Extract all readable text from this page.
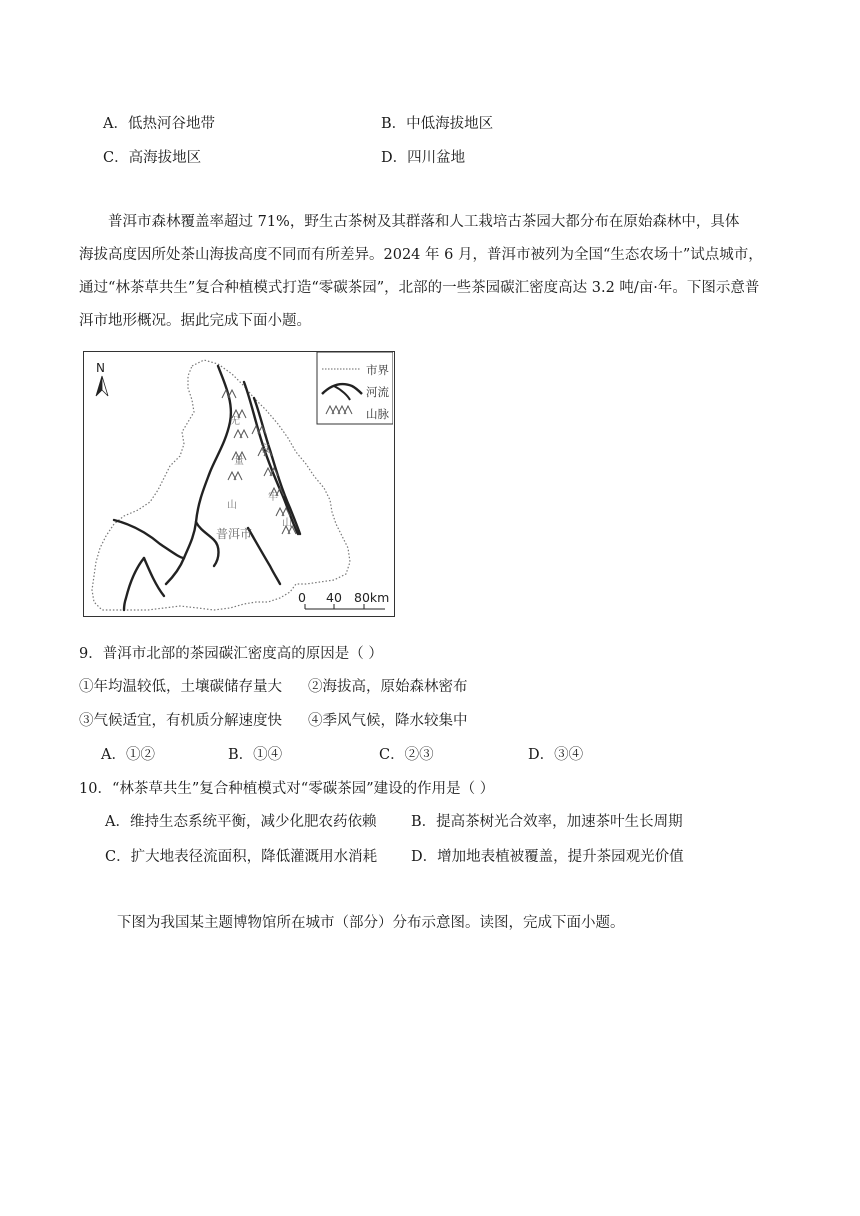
A．低热河谷地带	B．中低海拔地区
C．高海拔地区	D．四川盆地
普洱市森林覆盖率超过 71%，野生古茶树及其群落和人工栽培古茶园大都分布在原始森林中，具体
海拔高度因所处茶山海拔高度不同而有所差异。2024 年 6 月，普洱市被列为全国“生态农场十”试点城市，
通过“林茶草共生”复合种植模式打造“零碳茶园”，北部的一些茶园碳汇密度高达 3.2 吨/亩·年。下图示意普
洱市地形概况。据此完成下面小题。
无
量
山
哀
牢
山
普洱市
N	市界
河流
山脉
0 40 80km
9．普洱市北部的茶园碳汇密度高的原因是（ ）
①年均温较低，土壤碳储存量大 ②海拔高，原始森林密布
③气候适宜，有机质分解速度快 ④季风气候，降水较集中
A．①②	B．①④	C．②③	D．③④
10．“林茶草共生”复合种植模式对“零碳茶园”建设的作用是（ ）
A．维持生态系统平衡，减少化肥农药依赖 B．提高茶树光合效率，加速茶叶生长周期
C．扩大地表径流面积，降低灌溉用水消耗 D．增加地表植被覆盖，提升茶园观光价值
下图为我国某主题博物馆所在城市（部分）分布示意图。读图，完成下面小题。
